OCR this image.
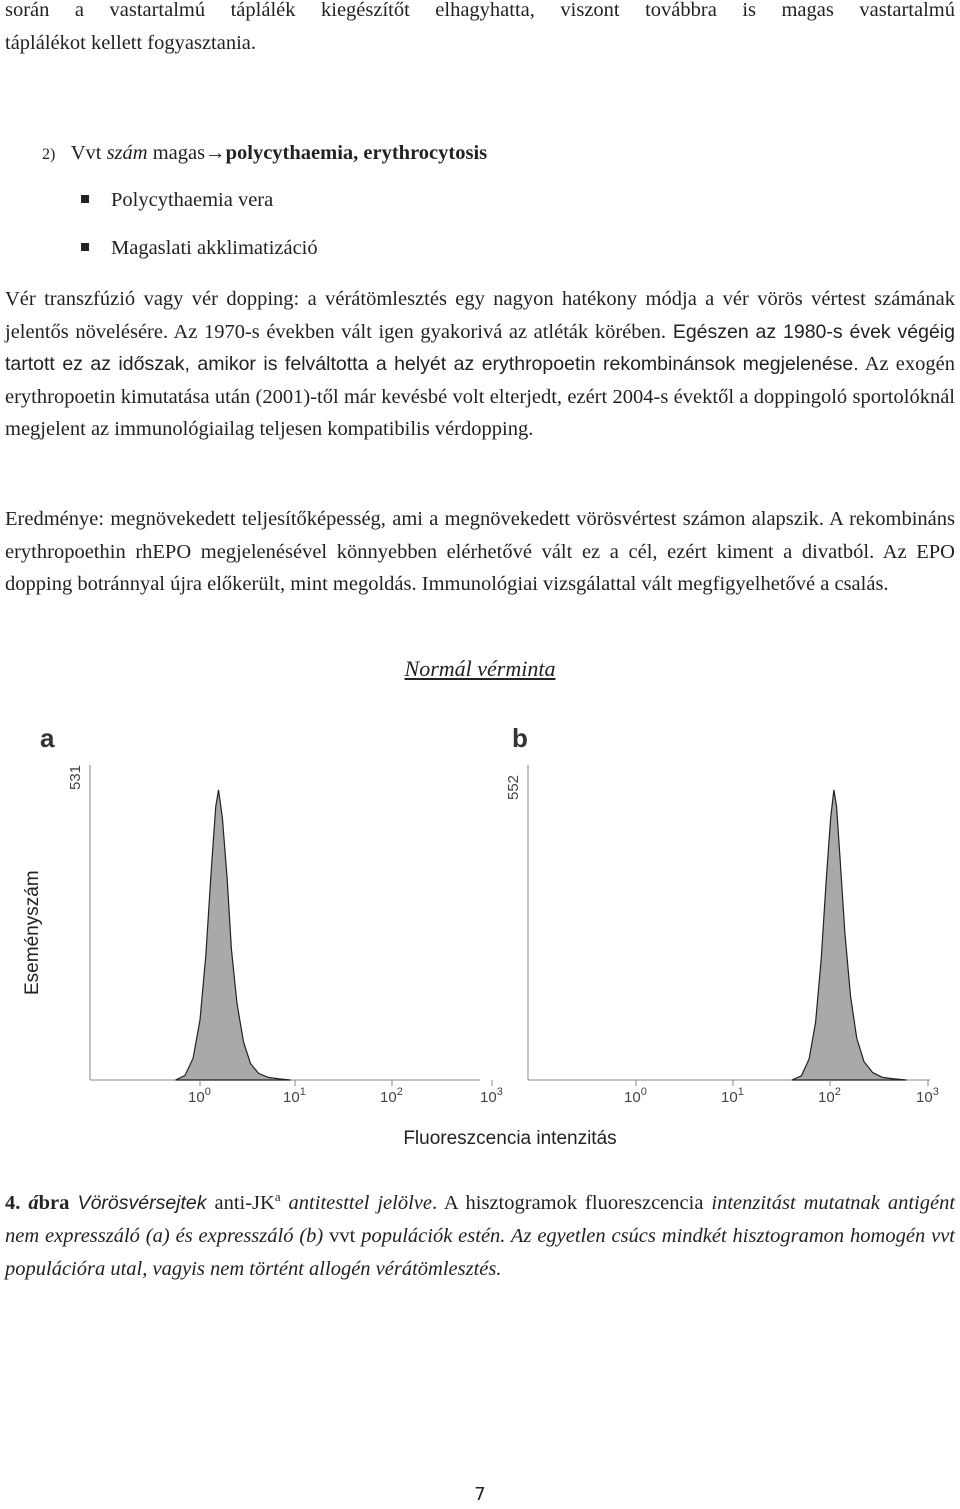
során a vastartalmú táplálék kiegészítőt elhagyhatta, viszont továbbra is magas vastartalmú
táplálékot kellett fogyasztania.

2) Vvt szám magas→polycythaemia, erythrocytosis
Polycythaemia vera
Magaslati akklimatizáció

Vér transzfúzió vagy vér dopping: a vérátömlesztés egy nagyon hatékony módja a vér vörös vértest számának jelentős növelésére. Az 1970-s években vált igen gyakorivá az atléták körében. Egészen az 1980-s évek végéig tartott ez az időszak, amikor is felváltotta a helyét az erythropoetin rekombinánsok megjelenése. Az exogén erythropoetin kimutatása után (2001)-től már kevésbé volt elterjedt, ezért 2004-s évektől a doppingoló sportolóknál megjelent az immunológiailag teljesen kompatibilis vérdopping.

Eredménye: megnövekedett teljesítőképesség, ami a megnövekedett vörösvértest számon alapszik. A rekombináns erythropoethin rhEPO megjelenésével könnyebben elérhetővé vált ez a cél, ezért kiment a divatból. Az EPO dopping botránnyal újra előkerült, mint megoldás. Immunológiai vizsgálattal vált megfigyelhetővé a csalás.

Normál vérminta
a
531
$10^0$	$10^1$	$10^2$	$10^3$
b
552
$10^0$	$10^1$	$10^2$	$10^3$
Eseményszám
Fluoreszcencia intenzitás

4. ábra Vörösvérsejtek anti-$JK^a$ antitesttel jelölve. A hisztogramok fluoreszcencia intenzitást mutatnak antigént nem expresszáló (a) és expresszáló (b) vvt populációk estén. Az egyetlen csúcs mindkét hisztogramon homogén vvt populációra utal, vagyis nem történt allogén vérátömlesztés.

7
